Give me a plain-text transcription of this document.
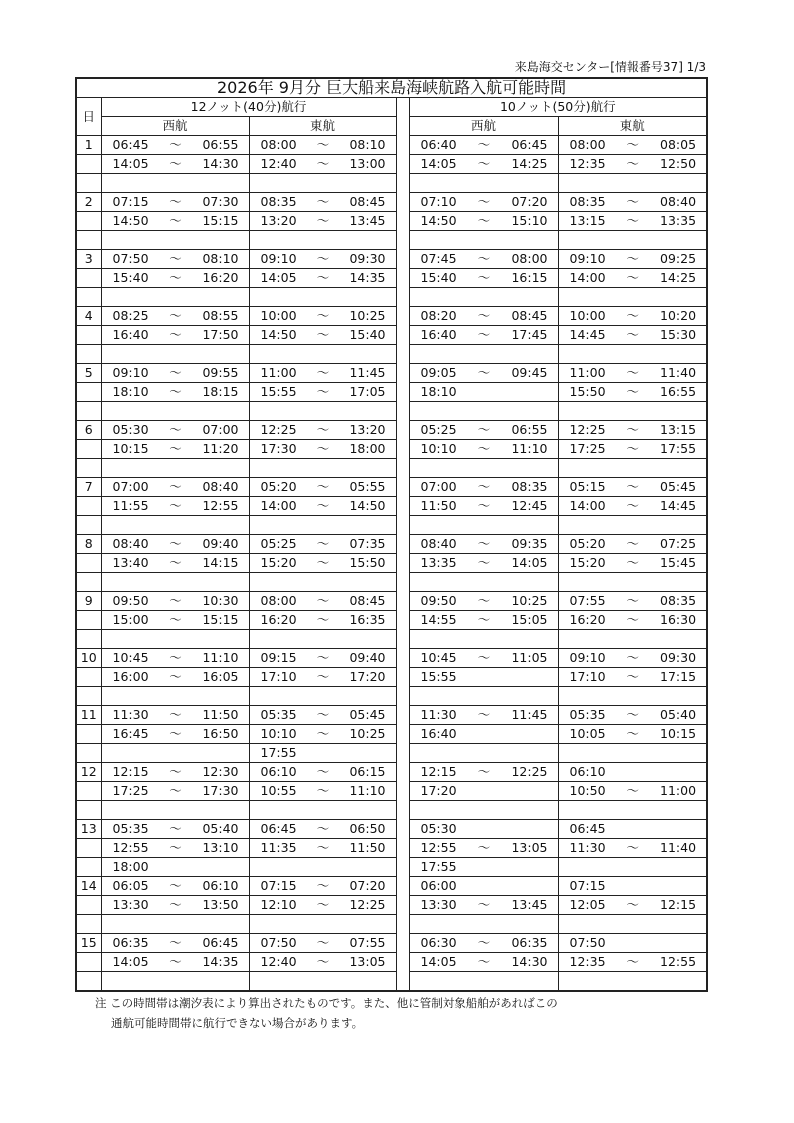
来島海交センター[情報番号37] 1/3
2026年 9月分 巨大船来島海峡航路入航可能時間					
日	12ノット(40分)航行			10ノット(50分)航行	
	西航	東航		西航	東航
1	06:45 ～ 06:55	08:00 ～ 08:10		06:40 ～ 06:45	08:00 ～ 08:05

	14:05 ～ 14:30	12:40 ～ 13:00		14:05 ～ 14:25	12:35 ～ 12:50

2	07:15 ～ 07:30	08:35 ～ 08:45		07:10 ～ 07:20	08:35 ～ 08:40

	14:50 ～ 15:15	13:20 ～ 13:45		14:50 ～ 15:10	13:15 ～ 13:35

3	07:50 ～ 08:10	09:10 ～ 09:30		07:45 ～ 08:00	09:10 ～ 09:25

	15:40 ～ 16:20	14:05 ～ 14:35		15:40 ～ 16:15	14:00 ～ 14:25

4	08:25 ～ 08:55	10:00 ～ 10:25		08:20 ～ 08:45	10:00 ～ 10:20

	16:40 ～ 17:50	14:50 ～ 15:40		16:40 ～ 17:45	14:45 ～ 15:30

5	09:10 ～ 09:55	11:00 ～ 11:45		09:05 ～ 09:45	11:00 ～ 11:40

	18:10 ～ 18:15	15:55 ～ 17:05		18:10	15:50 ～ 16:55

6	05:30 ～ 07:00	12:25 ～ 13:20		05:25 ～ 06:55	12:25 ～ 13:15

	10:15 ～ 11:20	17:30 ～ 18:00		10:10 ～ 11:10	17:25 ～ 17:55

7	07:00 ～ 08:40	05:20 ～ 05:55		07:00 ～ 08:35	05:15 ～ 05:45

	11:55 ～ 12:55	14:00 ～ 14:50		11:50 ～ 12:45	14:00 ～ 14:45

8	08:40 ～ 09:40	05:25 ～ 07:35		08:40 ～ 09:35	05:20 ～ 07:25

	13:40 ～ 14:15	15:20 ～ 15:50		13:35 ～ 14:05	15:20 ～ 15:45

9	09:50 ～ 10:30	08:00 ～ 08:45		09:50 ～ 10:25	07:55 ～ 08:35

	15:00 ～ 15:15	16:20 ～ 16:35		14:55 ～ 15:05	16:20 ～ 16:30

10	10:45 ～ 11:10	09:15 ～ 09:40		10:45 ～ 11:05	09:10 ～ 09:30

	16:00 ～ 16:05	17:10 ～ 17:20		15:55	17:10 ～ 17:15

11	11:30 ～ 11:50	05:35 ～ 05:45		11:30 ～ 11:45	05:35 ～ 05:40

	16:45 ～ 16:50	10:10 ～ 10:25		16:40	10:05 ～ 10:15

		17:55			

12	12:15 ～ 12:30	06:10 ～ 06:15		12:15 ～ 12:25	06:10

	17:25 ～ 17:30	10:55 ～ 11:10		17:20	10:50 ～ 11:00

13	05:35 ～ 05:40	06:45 ～ 06:50		05:30	06:45

	12:55 ～ 13:10	11:35 ～ 11:50		12:55 ～ 13:05	11:30 ～ 11:40

	18:00			17:55	

14	06:05 ～ 06:10	07:15 ～ 07:20		06:00	07:15

	13:30 ～ 13:50	12:10 ～ 12:25		13:30 ～ 13:45	12:05 ～ 12:15

15	06:35 ～ 06:45	07:50 ～ 07:55		06:30 ～ 06:35	07:50

	14:05 ～ 14:35	12:40 ～ 13:05		14:05 ～ 14:30	12:35 ～ 12:55

注 この時間帯は潮汐表により算出されたものです。また、他に管制対象船舶があればこの
通航可能時間帯に航行できない場合があります。
